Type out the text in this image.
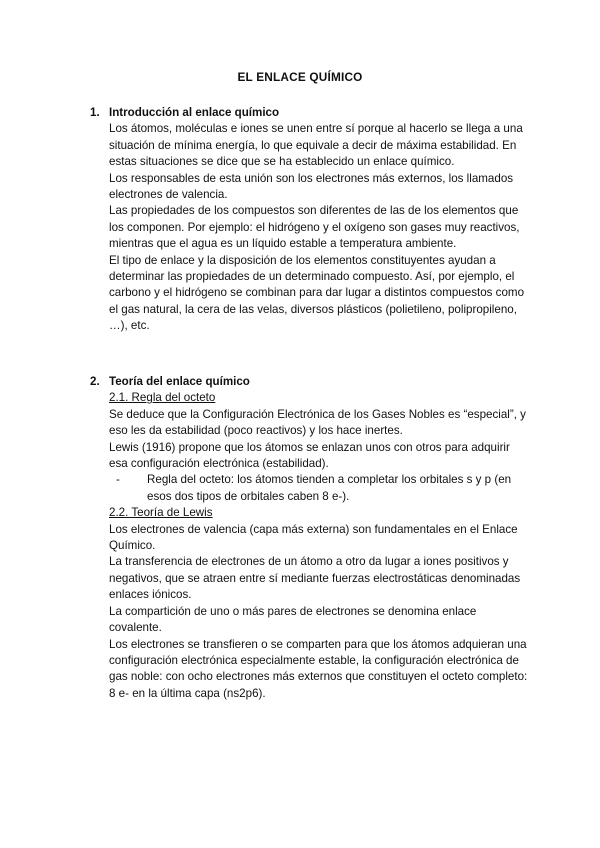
EL ENLACE QUÍMICO
1. Introducción al enlace químico

Los átomos, moléculas e iones se unen entre sí porque al hacerlo se llega a una situación de mínima energía, lo que equivale a decir de máxima estabilidad. En estas situaciones se dice que se ha establecido un enlace químico.

Los responsables de esta unión son los electrones más externos, los llamados electrones de valencia.

Las propiedades de los compuestos son diferentes de las de los elementos que los componen. Por ejemplo: el hidrógeno y el oxígeno son gases muy reactivos, mientras que el agua es un líquido estable a temperatura ambiente.

El tipo de enlace y la disposición de los elementos constituyentes ayudan a determinar las propiedades de un determinado compuesto. Así, por ejemplo, el carbono y el hidrógeno se combinan para dar lugar a distintos compuestos como el gas natural, la cera de las velas, diversos plásticos (polietileno, polipropileno, …), etc.

2. Teoría del enlace químico

2.1. Regla del octeto

Se deduce que la Configuración Electrónica de los Gases Nobles es “especial”, y eso les da estabilidad (poco reactivos) y los hace inertes.

Lewis (1916) propone que los átomos se enlazan unos con otros para adquirir esa configuración electrónica (estabilidad).

- Regla del octeto: los átomos tienden a completar los orbitales s y p (en esos dos tipos de orbitales caben 8 e-).

2.2. Teoría de Lewis

Los electrones de valencia (capa más externa) son fundamentales en el Enlace Químico.

La transferencia de electrones de un átomo a otro da lugar a iones positivos y negativos, que se atraen entre sí mediante fuerzas electrostáticas denominadas enlaces iónicos.

La compartición de uno o más pares de electrones se denomina enlace covalente.

Los electrones se transfieren o se comparten para que los átomos adquieran una configuración electrónica especialmente estable, la configuración electrónica de gas noble: con ocho electrones más externos que constituyen el octeto completo: 8 e- en la última capa (ns2p6).
